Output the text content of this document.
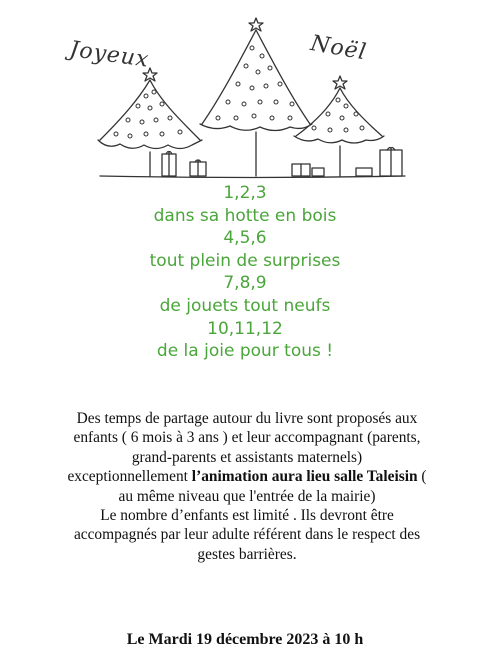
Joyeux	Noël
1,2,3
dans sa hotte en bois
4,5,6
tout plein de surprises
7,8,9
de jouets tout neufs
10,11,12
de la joie pour tous !
Des temps de partage autour du livre sont proposés aux enfants ( 6 mois à 3 ans ) et leur accompagnant (parents, grand-parents et assistants maternels)
exceptionnellement l’animation aura lieu salle Taleisin ( au même niveau que l'entrée de la mairie)
Le nombre d’enfants est limité . Ils devront être accompagnés par leur adulte référent dans le respect des gestes barrières.
Le Mardi 19 décembre 2023 à 10 h
